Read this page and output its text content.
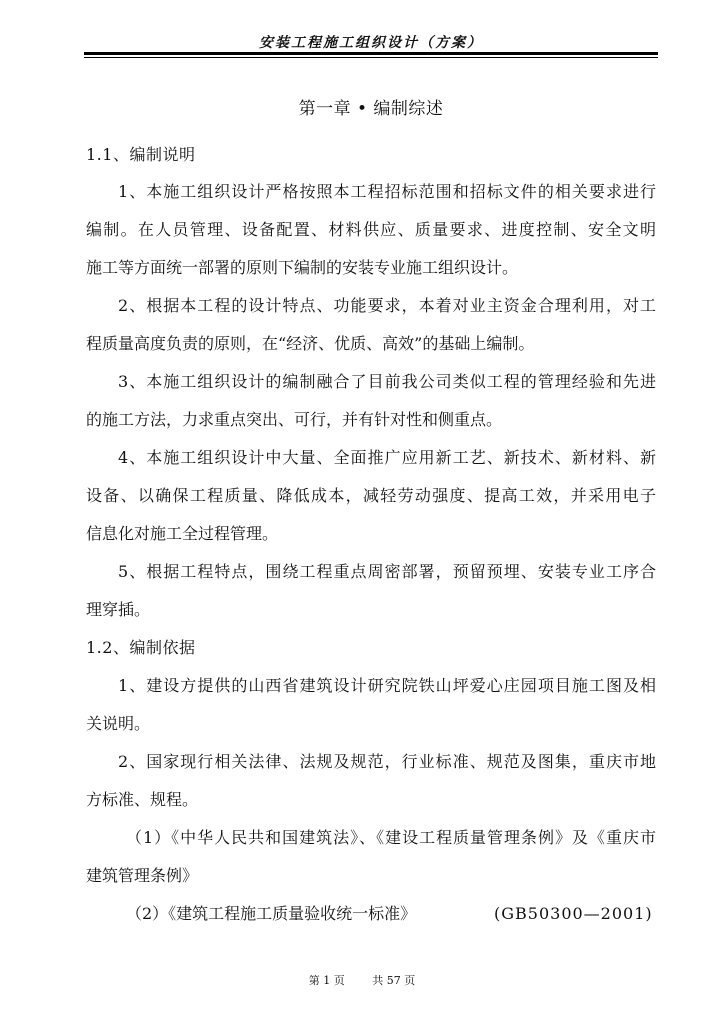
安装工程施工组织设计（方案）
第一章 • 编制综述
1.1、编制说明
1、本施工组织设计严格按照本工程招标范围和招标文件的相关要求进行
编制。在人员管理、设备配置、材料供应、质量要求、进度控制、安全文明
施工等方面统一部署的原则下编制的安装专业施工组织设计。
2、根据本工程的设计特点、功能要求，本着对业主资金合理利用，对工
程质量高度负责的原则，在“经济、优质、高效”的基础上编制。
3、本施工组织设计的编制融合了目前我公司类似工程的管理经验和先进
的施工方法，力求重点突出、可行，并有针对性和侧重点。
4、本施工组织设计中大量、全面推广应用新工艺、新技术、新材料、新
设备、以确保工程质量、降低成本，减轻劳动强度、提高工效，并采用电子
信息化对施工全过程管理。
5、根据工程特点，围绕工程重点周密部署，预留预埋、安装专业工序合
理穿插。
1.2、编制依据
1、建设方提供的山西省建筑设计研究院铁山坪爱心庄园项目施工图及相
关说明。
2、国家现行相关法律、法规及规范，行业标准、规范及图集，重庆市地
方标准、规程。
（1）《中华人民共和国建筑法》、《建设工程质量管理条例》及《重庆市
建筑管理条例》
（2）《建筑工程施工质量验收统一标准》	(GB50300—2001)
第 1 页	共 57 页
